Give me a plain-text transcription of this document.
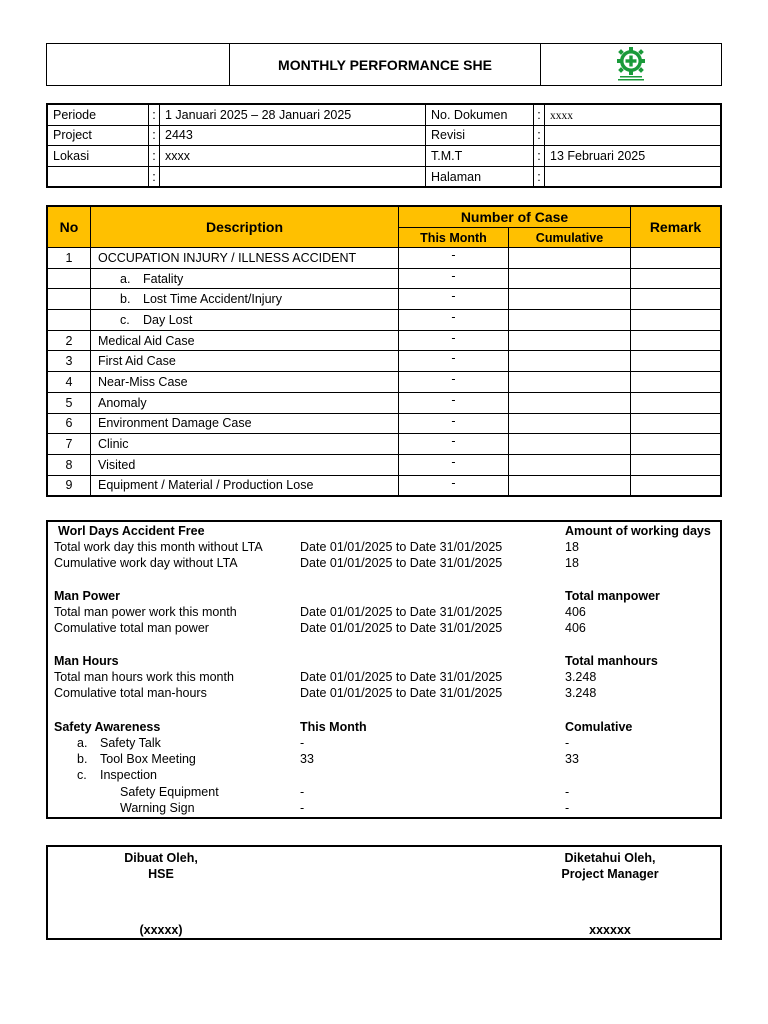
	MONTHLY PERFORMANCE SHE	
Periode	:	1 Januari 2025 – 28 Januari 2025	No. Dokumen	:	xxxx
Project	:	2443	Revisi	:	
Lokasi	:	xxxx	T.M.T	:	13 Februari 2025
	:		Halaman	:	
No	Description	Number of Case		Remark
		This Month	Cumulative	
1	OCCUPATION INJURY / ILLNESS ACCIDENT	-		
	a. Fatality	-		
	b. Lost Time Accident/Injury	-		
	c. Day Lost	-		
2	Medical Aid Case	-		
3	First Aid Case	-		
4	Near-Miss Case	-		
5	Anomaly	-		
6	Environment Damage Case	-		
7	Clinic	-		
8	Visited	-		
9	Equipment / Material / Production Lose	-		
Worl Days Accident Free	Amount of working days
Total work day this month without LTA	Date 01/01/2025 to Date 31/01/2025	18
Cumulative work day without LTA	Date 01/01/2025 to Date 31/01/2025	18
Man Power	Total manpower
Total man power work this month	Date 01/01/2025 to Date 31/01/2025	406
Comulative total man power	Date 01/01/2025 to Date 31/01/2025	406
Man Hours	Total manhours
Total man hours work this month	Date 01/01/2025 to Date 31/01/2025	3.248
Comulative total man-hours	Date 01/01/2025 to Date 31/01/2025	3.248
Safety Awareness	This Month	Comulative
a. Safety Talk	-	-
b. Tool Box Meeting	33	33
c. Inspection
Safety Equipment	-	-
Warning Sign	-	-
Dibuat Oleh,
HSE
(xxxxx)
Diketahui Oleh,
Project Manager
xxxxxx
